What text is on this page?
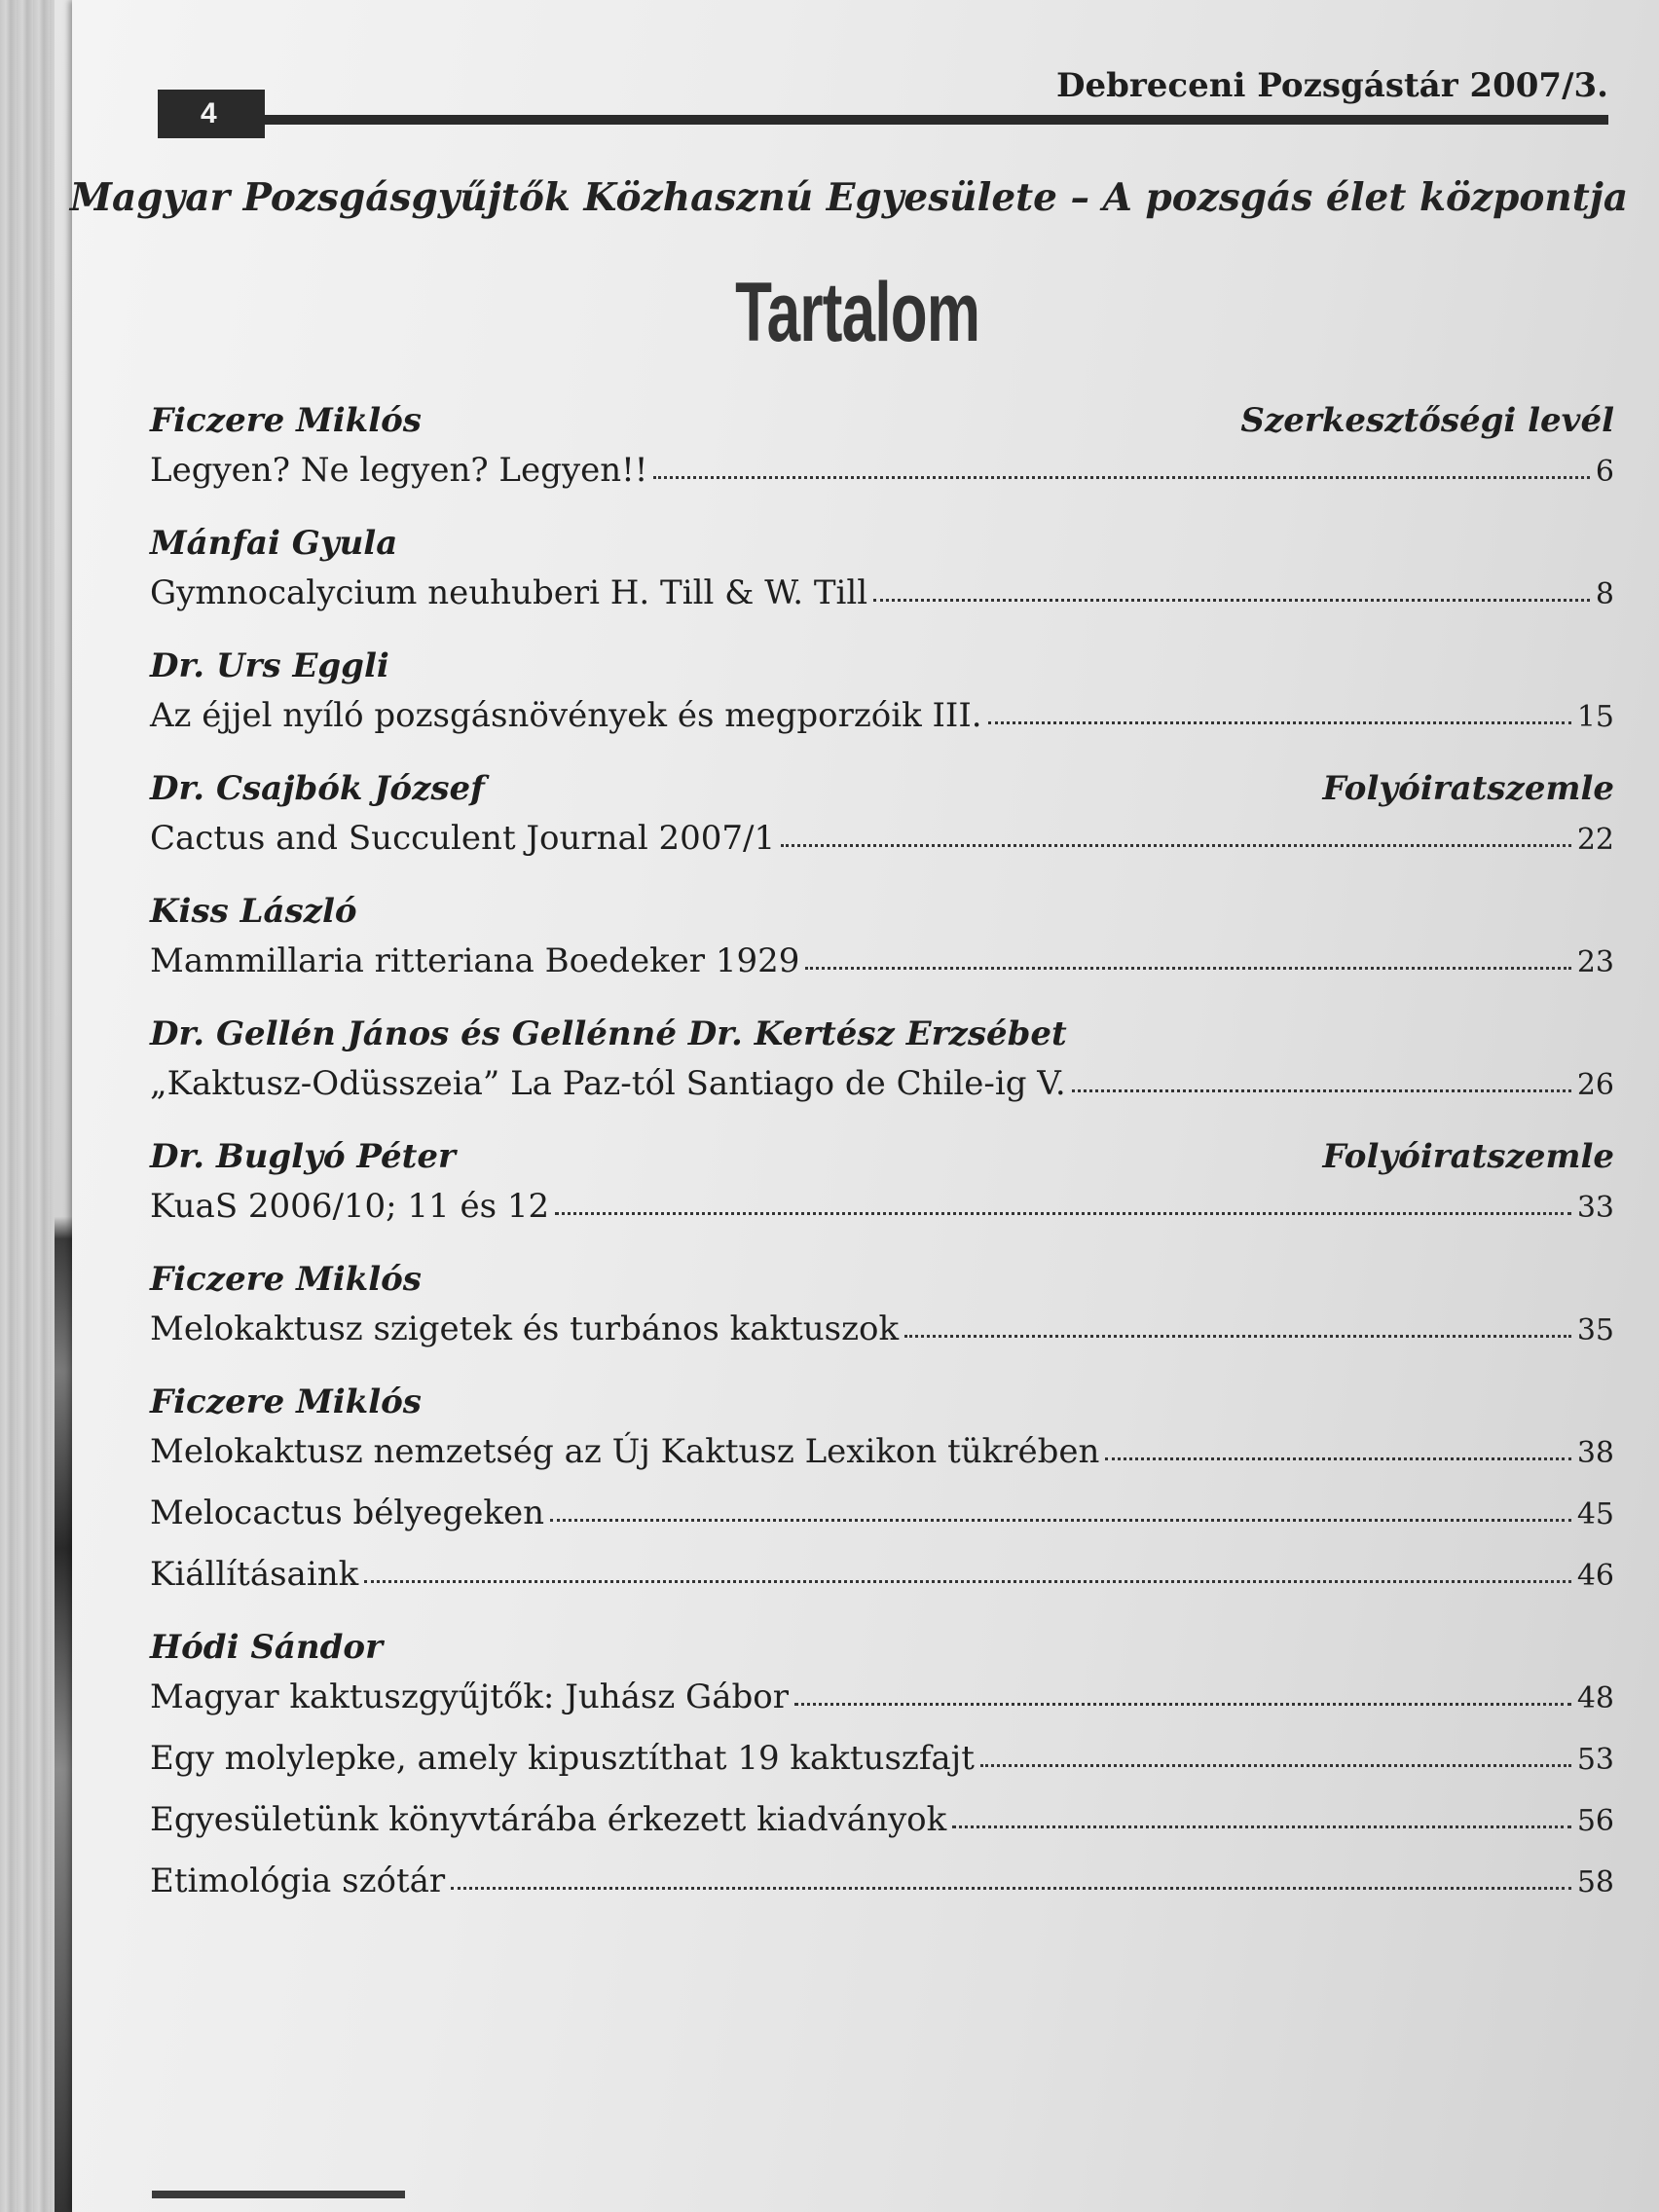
4
Debreceni Pozsgástár 2007/3.
Magyar Pozsgásgyűjtők Közhasznú Egyesülete – A pozsgás élet központja
Tartalom
Ficzere Miklós	Szerkesztőségi levél
Legyen? Ne legyen? Legyen!!	6
Mánfai Gyula
Gymnocalycium neuhuberi H. Till & W. Till	8
Dr. Urs Eggli
Az éjjel nyíló pozsgásnövények és megporzóik III.	15
Dr. Csajbók József	Folyóiratszemle
Cactus and Succulent Journal 2007/1	22
Kiss László
Mammillaria ritteriana Boedeker 1929	23
Dr. Gellén János és Gellénné Dr. Kertész Erzsébet
„Kaktusz-Odüsszeia” La Paz-tól Santiago de Chile-ig V.	26
Dr. Buglyó Péter	Folyóiratszemle
KuaS 2006/10; 11 és 12	33
Ficzere Miklós
Melokaktusz szigetek és turbános kaktuszok	35
Ficzere Miklós
Melokaktusz nemzetség az Új Kaktusz Lexikon tükrében	38
Melocactus bélyegeken	45
Kiállításaink	46
Hódi Sándor
Magyar kaktuszgyűjtők: Juhász Gábor	48
Egy molylepke, amely kipusztíthat 19 kaktuszfajt	53
Egyesületünk könyvtárába érkezett kiadványok	56
Etimológia szótár	58
